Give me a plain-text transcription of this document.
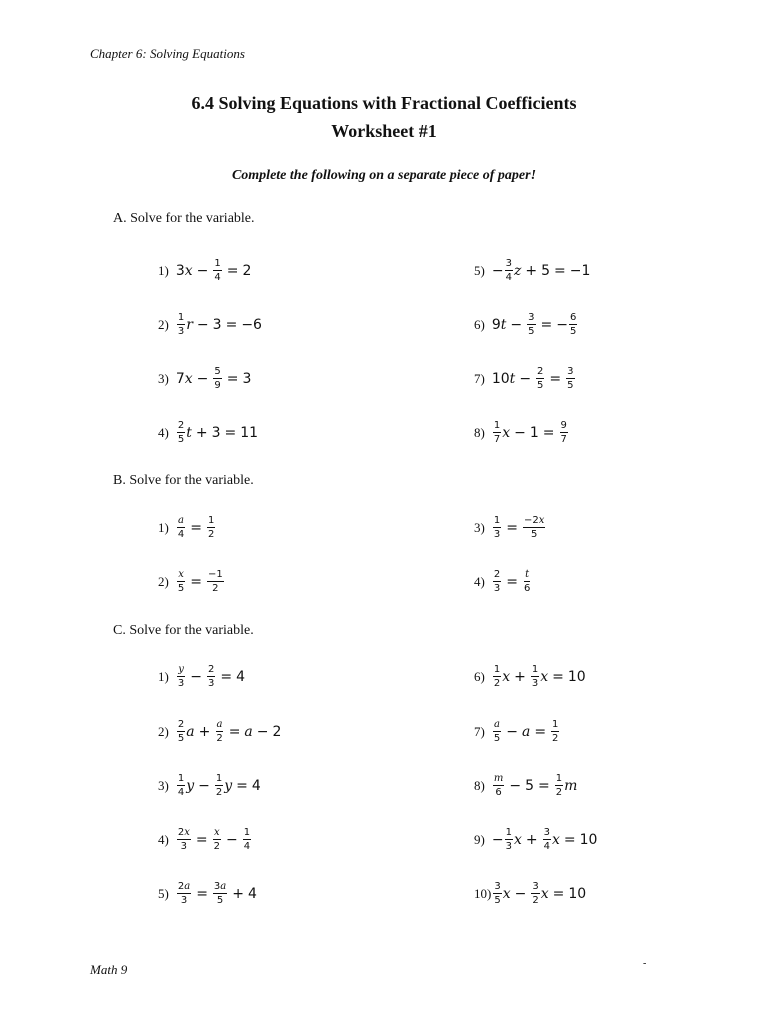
Chapter 6: Solving Equations
6.4 Solving Equations with Fractional Coefficients
Worksheet #1
Complete the following on a separate piece of paper!
A. Solve for the variable.
1) 3 $x - \frac{1}{4} = 2$	$5) - \frac{3}{4}$ z + 5 = −1
$2) \frac{1}{3}$ r − 3 = −6	6) 9 $t - \frac{3}{5}$ = − $\frac{6}{5}$
3) 7 $x - \frac{5}{9} = 3$	7) 10 $t - \frac{2}{5} = \frac{3}{5}$
$4) \frac{2}{5}$ t + 3 = 11	$8) \frac{1}{7}$ $x - 1 = \frac{9}{7}$
B. Solve for the variable.
$1) \frac{a}{4} = \frac{1}{2}$	$3) \frac{1}{3} = \frac{-2x}{5}$
$2) \frac{x}{5} = \frac{-1}{2}$	$4) \frac{2}{3} = \frac{t}{6}$
C. Solve for the variable.
$1) \frac{y}{3} - \frac{2}{3} = 4$	$6) \frac{1}{2}$ $x + \frac{1}{3}$ x = 10
$2) \frac{2}{5}$ $a + \frac{a}{2} = a - 2$	$7) \frac{a}{5} - a = \frac{1}{2}$
$3) \frac{1}{4}$ $y - \frac{1}{2}$ y = 4	$8) \frac{m}{6} - 5 = \frac{1}{2}$ m
$4) \frac{2x}{3} = \frac{x}{2} - \frac{1}{4}$	$9) - \frac{1}{3}$ $x + \frac{3}{4}$ x = 10
$5) \frac{2a}{3} = \frac{3a}{5} + 4$	$10) \frac{3}{5}$ $x - \frac{3}{2}$ x = 10
Math 9	-
